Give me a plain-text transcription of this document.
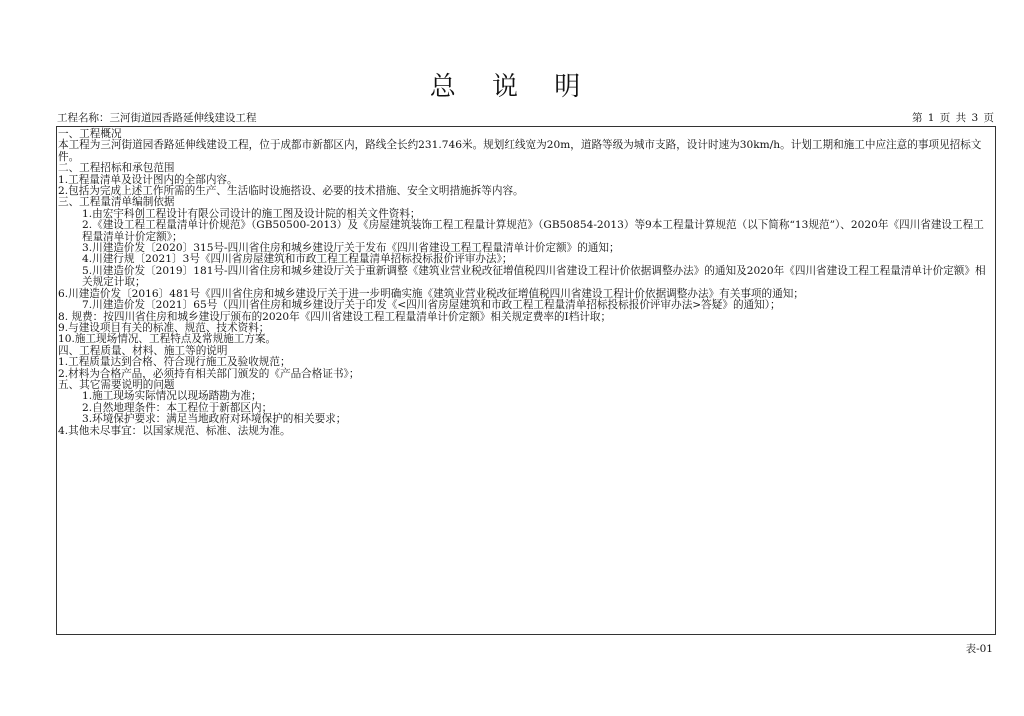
总 说 明
工程名称：三河街道园香路延伸线建设工程	第 1 页 共 3 页
一、工程概况
本工程为三河街道园香路延伸线建设工程，位于成都市新都区内，路线全长约231.746米。规划红线宽为20m，道路等级为城市支路，设计时速为30km/h。计划工期和施工中应注意的事项见招标文件。
二、工程招标和承包范围
1.工程量清单及设计图内的全部内容。
2.包括为完成上述工作所需的生产、生活临时设施搭设、必要的技术措施、安全文明措施拆等内容。
三、工程量清单编制依据
1.由宏宇科创工程设计有限公司设计的施工图及设计院的相关文件资料；
2.《建设工程工程量清单计价规范》（GB50500-2013）及《房屋建筑装饰工程工程量计算规范》（GB50854-2013）等9本工程量计算规范（以下简称“13规范”）、2020年《四川省建设工程工程量清单计价定额》；
3.川建造价发〔2020〕315号-四川省住房和城乡建设厅关于发布《四川省建设工程工程量清单计价定额》的通知；
4.川建行规〔2021〕3号《四川省房屋建筑和市政工程工程量清单招标投标报价评审办法》；
5.川建造价发〔2019〕181号-四川省住房和城乡建设厅关于重新调整《建筑业营业税改征增值税四川省建设工程计价依据调整办法》的通知及2020年《四川省建设工程工程量清单计价定额》相关规定计取；
6.川建造价发〔2016〕481号《四川省住房和城乡建设厅关于进一步明确实施《建筑业营业税改征增值税四川省建设工程计价依据调整办法》有关事项的通知；
7.川建造价发〔2021〕65号（四川省住房和城乡建设厅关于印发《<四川省房屋建筑和市政工程工程量清单招标投标报价评审办法>答疑》的通知）；
8. 规费：按四川省住房和城乡建设厅颁布的2020年《四川省建设工程工程量清单计价定额》相关规定费率的Ⅰ档计取；
9.与建设项目有关的标准、规范、技术资料；
10.施工现场情况、工程特点及常规施工方案。
四、工程质量、材料、施工等的说明
1.工程质量达到合格、符合现行施工及验收规范；
2.材料为合格产品，必须持有相关部门颁发的《产品合格证书》；
五、其它需要说明的问题
1.施工现场实际情况以现场踏勘为准；
2.自然地理条件：本工程位于新都区内；
3.环境保护要求：满足当地政府对环境保护的相关要求；
4.其他未尽事宜：以国家规范、标准、法规为准。
表-01
